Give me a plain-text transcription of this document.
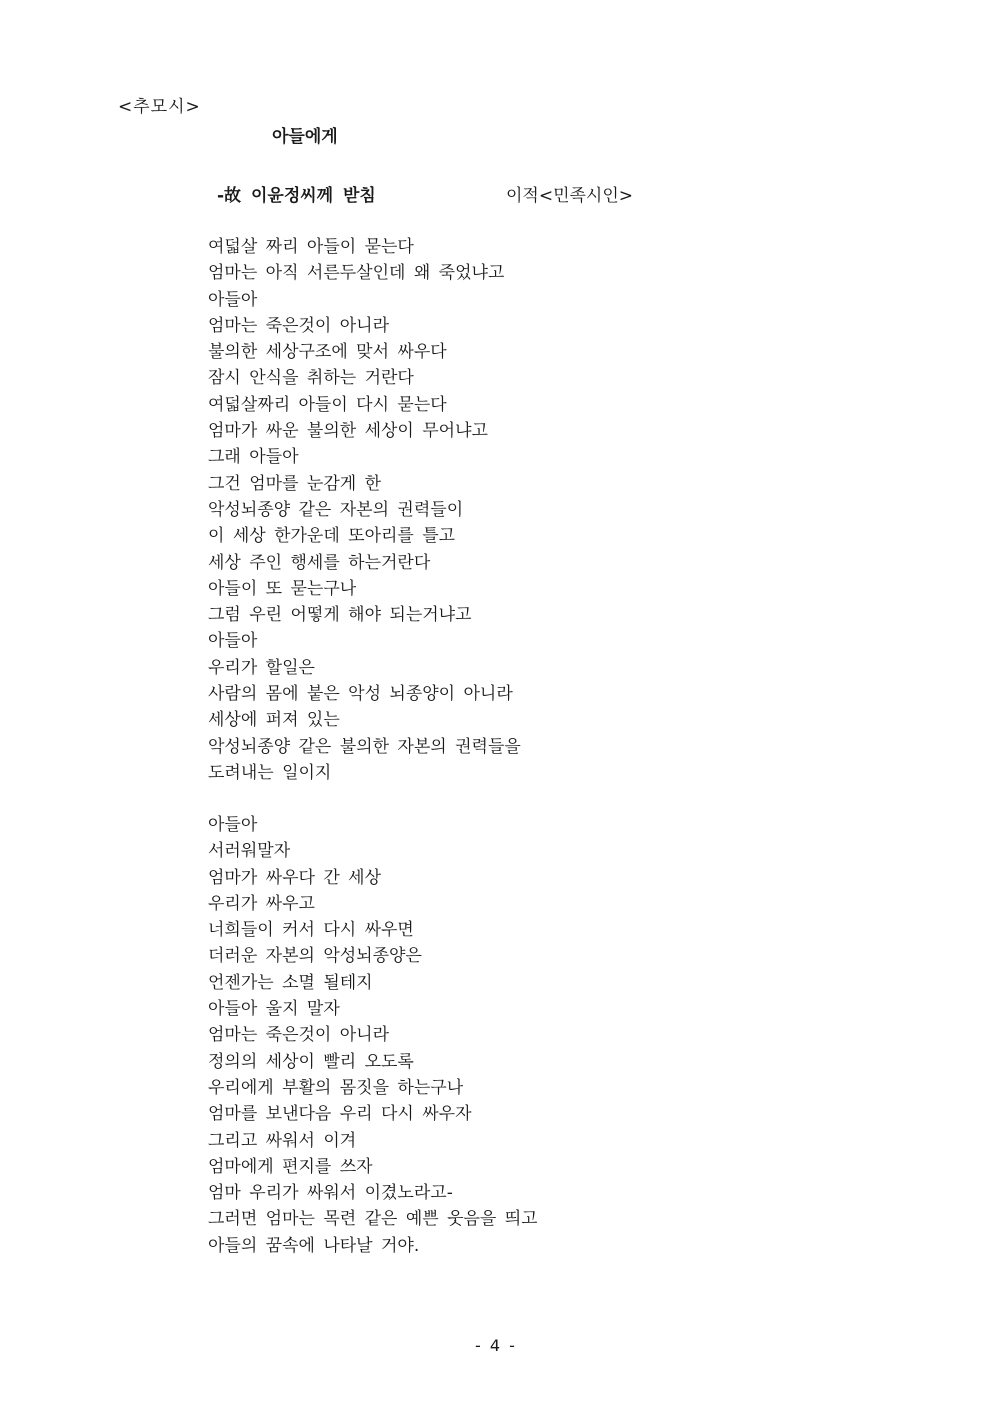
<추모시>
아들에게
-故 이윤정씨께 받침	이적<민족시인>
여덟살 짜리 아들이 묻는다
엄마는 아직 서른두살인데 왜 죽었냐고
아들아
엄마는 죽은것이 아니라
불의한 세상구조에 맞서 싸우다
잠시 안식을 취하는 거란다
여덟살짜리 아들이 다시 묻는다
엄마가 싸운 불의한 세상이 무어냐고
그래 아들아
그건 엄마를 눈감게 한
악성뇌종양 같은 자본의 권력들이
이 세상 한가운데 또아리를 틀고
세상 주인 행세를 하는거란다
아들이 또 묻는구나
그럼 우린 어떻게 해야 되는거냐고
아들아
우리가 할일은
사람의 몸에 붙은 악성 뇌종양이 아니라
세상에 퍼져 있는
악성뇌종양 같은 불의한 자본의 권력들을
도려내는 일이지
아들아
서러워말자
엄마가 싸우다 간 세상
우리가 싸우고
너희들이 커서 다시 싸우면
더러운 자본의 악성뇌종양은
언젠가는 소멸 될테지
아들아 울지 말자
엄마는 죽은것이 아니라
정의의 세상이 빨리 오도록
우리에게 부활의 몸짓을 하는구나
엄마를 보낸다음 우리 다시 싸우자
그리고 싸워서 이겨
엄마에게 편지를 쓰자
엄마 우리가 싸워서 이겼노라고-
그러면 엄마는 목련 같은 예쁜 웃음을 띄고
아들의 꿈속에 나타날 거야.
- 4 -
